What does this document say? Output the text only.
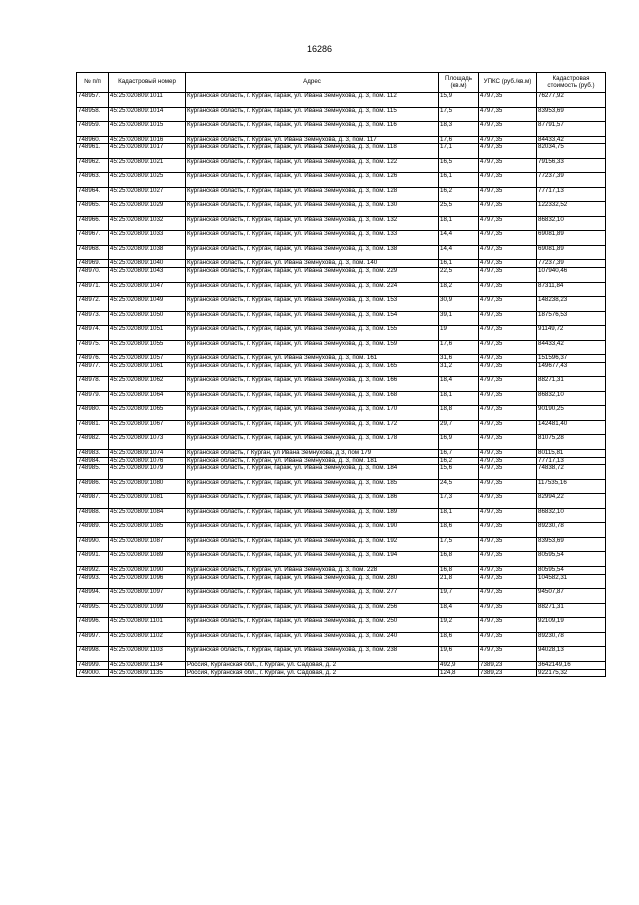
16286
№ п/п	Кадастровый номер	Адрес	Площадь (кв.м)	УПКС (руб./кв.м)	Кадастровая стоимость (руб.)
748957.	45:25:020809:1011	Курганская область, г. Курган, гараж, ул. Ивана Земнухова, д. 3, пом. 112	15,9	4797,35	76277,92
748958.	45:25:020809:1014	Курганская область, г. Курган, гараж, ул. Ивана Земнухова, д. 3, пом. 115	17,5	4797,35	83953,69
748959.	45:25:020809:1015	Курганская область, г. Курган, гараж, ул. Ивана Земнухова, д. 3, пом. 116	18,3	4797,35	87791,57
748960.	45:25:020809:1016	Курганская область, г. Курган, ул. Ивана Земнухова, д. 3, пом. 117	17,6	4797,35	84433,42
748961.	45:25:020809:1017	Курганская область, г. Курган, гараж, ул. Ивана Земнухова, д. 3, пом. 118	17,1	4797,35	82034,75
748962.	45:25:020809:1021	Курганская область, г. Курган, гараж, ул. Ивана Земнухова, д. 3, пом. 122	16,5	4797,35	79156,33
748963.	45:25:020809:1025	Курганская область, г. Курган, гараж, ул. Ивана Земнухова, д. 3, пом. 126	16,1	4797,35	77237,39
748964.	45:25:020809:1027	Курганская область, г. Курган, гараж, ул. Ивана Земнухова, д. 3, пом. 128	16,2	4797,35	77717,13
748965.	45:25:020809:1029	Курганская область, г. Курган, гараж, ул. Ивана Земнухова, д. 3, пом. 130	25,5	4797,35	122332,52
748966.	45:25:020809:1032	Курганская область, г. Курган, гараж, ул. Ивана Земнухова, д. 3, пом. 132	18,1	4797,35	86832,10
748967.	45:25:020809:1033	Курганская область, г. Курган, гараж, ул. Ивана Земнухова, д. 3, пом. 133	14,4	4797,35	69081,89
748968.	45:25:020809:1038	Курганская область, г. Курган, гараж, ул. Ивана Земнухова, д. 3, пом. 138	14,4	4797,35	69081,89
748969.	45:25:020809:1040	Курганская область, г. Курган, ул. Ивана Земнухова, д. 3, пом. 140	16,1	4797,35	77237,39
748970.	45:25:020809:1043	Курганская область, г. Курган, гараж, ул. Ивана Земнухова, д. 3, пом. 229	22,5	4797,35	107940,46
748971.	45:25:020809:1047	Курганская область, г. Курган, гараж, ул. Ивана Земнухова, д. 3, пом. 224	18,2	4797,35	87311,84
748972.	45:25:020809:1049	Курганская область, г. Курган, гараж, ул. Ивана Земнухова, д. 3, пом. 153	30,9	4797,35	148238,23
748973.	45:25:020809:1050	Курганская область, г. Курган, гараж, ул. Ивана Земнухова, д. 3, пом. 154	39,1	4797,35	187576,53
748974.	45:25:020809:1051	Курганская область, г. Курган, гараж, ул. Ивана Земнухова, д. 3, пом. 155	19	4797,35	91149,72
748975.	45:25:020809:1055	Курганская область, г. Курган, гараж, ул. Ивана Земнухова, д. 3, пом. 159	17,6	4797,35	84433,42
748976.	45:25:020809:1057	Курганская область, г. Курган, ул. Ивана Земнухова, д. 3, пом. 161	31,6	4797,35	151596,37
748977.	45:25:020809:1061	Курганская область, г. Курган, гараж, ул. Ивана Земнухова, д. 3, пом. 165	31,2	4797,35	149677,43
748978.	45:25:020809:1062	Курганская область, г. Курган, гараж, ул. Ивана Земнухова, д. 3, пом. 166	18,4	4797,35	88271,31
748979.	45:25:020809:1064	Курганская область, г. Курган, гараж, ул. Ивана Земнухова, д. 3, пом. 168	18,1	4797,35	86832,10
748980.	45:25:020809:1065	Курганская область, г. Курган, гараж, ул. Ивана Земнухова, д. 3, пом. 170	18,8	4797,35	90190,25
748981.	45:25:020809:1067	Курганская область, г. Курган, гараж, ул. Ивана Земнухова, д. 3, пом. 172	29,7	4797,35	142481,40
748982.	45:25:020809:1073	Курганская область, г. Курган, гараж, ул. Ивана Земнухова, д. 3, пом. 178	16,9	4797,35	81075,28
748983.	45:25:020809:1074	Курганская область, г Курган, ул Ивана Земнухова, д 3, пом 179	16,7	4797,35	80115,81
748984.	45:25:020809:1076	Курганская область, г. Курган, ул. Ивана Земнухова, д. 3, пом. 181	16,2	4797,35	77717,13
748985.	45:25:020809:1079	Курганская область, г. Курган, гараж, ул. Ивана Земнухова, д. 3, пом. 184	15,6	4797,35	74838,72
748986.	45:25:020809:1080	Курганская область, г. Курган, гараж, ул. Ивана Земнухова, д. 3, пом. 185	24,5	4797,35	117535,16
748987.	45:25:020809:1081	Курганская область, г. Курган, гараж, ул. Ивана Земнухова, д. 3, пом. 186	17,3	4797,35	82994,22
748988.	45:25:020809:1084	Курганская область, г. Курган, гараж, ул. Ивана Земнухова, д. 3, пом. 189	18,1	4797,35	86832,10
748989.	45:25:020809:1085	Курганская область, г. Курган, гараж, ул. Ивана Земнухова, д. 3, пом. 190	18,6	4797,35	89230,78
748990.	45:25:020809:1087	Курганская область, г. Курган, гараж, ул. Ивана Земнухова, д. 3, пом. 192	17,5	4797,35	83953,69
748991.	45:25:020809:1089	Курганская область, г. Курган, гараж, ул. Ивана Земнухова, д. 3, пом. 194	16,8	4797,35	80595,54
748992.	45:25:020809:1090	Курганская область, г. Курган, ул. Ивана Земнухова, д. 3, пом. 228	16,8	4797,35	80595,54
748993.	45:25:020809:1096	Курганская область, г. Курган, гараж, ул. Ивана Земнухова, д. 3, пом. 280	21,8	4797,35	104582,31
748994.	45:25:020809:1097	Курганская область, г. Курган, гараж, ул. Ивана Земнухова, д. 3, пом. 277	19,7	4797,35	94507,87
748995.	45:25:020809:1099	Курганская область, г. Курган, гараж, ул. Ивана Земнухова, д. 3, пом. 256	18,4	4797,35	88271,31
748996.	45:25:020809:1101	Курганская область, г. Курган, гараж, ул. Ивана Земнухова, д. 3, пом. 250	19,2	4797,35	92109,19
748997.	45:25:020809:1102	Курганская область, г. Курган, гараж, ул. Ивана Земнухова, д. 3, пом. 240	18,6	4797,35	89230,78
748998.	45:25:020809:1103	Курганская область, г. Курган, гараж, ул. Ивана Земнухова, д. 3, пом. 238	19,6	4797,35	94028,13
748999.	45:25:020809:1134	Россия, Курганская обл., г. Курган, ул. Садовая, д. 2	492,9	7389,23	3642149,16
749000.	45:25:020809:1135	Россия, Курганская обл., г. Курган, ул. Садовая, д. 2	124,8	7389,23	922175,32
